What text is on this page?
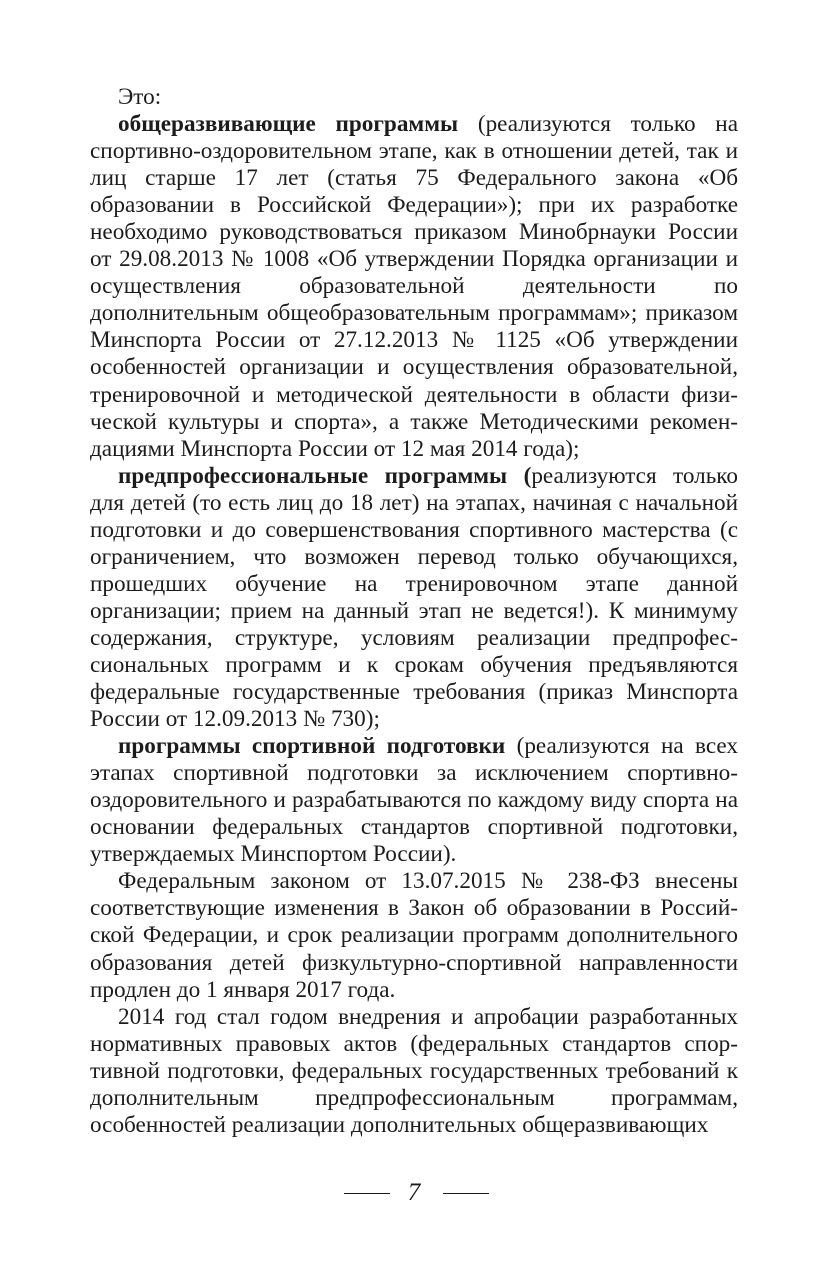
Это:

общеразвивающие программы (реализуются только на спортивно-оздоровительном этапе, как в отношении детей, так и лиц старше 17 лет (статья 75 Федерального закона «Об образовании в Российской Федерации»); при их разработке необходимо руководствоваться приказом Минобрнауки России от 29.08.2013 № 1008 «Об утверждении Порядка организации и осуществления образовательной деятельности по дополнительным общеобразовательным программам»; приказом Минспорта России от 27.12.2013 № 1125 «Об утверждении особенностей организации и осуществления образовательной, тренировочной и методической деятельности в области физической культуры и спорта», а также Методическими рекомендациями Минспорта России от 12 мая 2014 года);

предпрофессиональные программы (реализуются только для детей (то есть лиц до 18 лет) на этапах, начиная с начальной подготовки и до совершенствования спортивного мастерства (с ограничением, что возможен перевод только обучающихся, прошедших обучение на тренировочном этапе данной организации; прием на данный этап не ведется!). К минимуму содержания, структуре, условиям реализации предпрофессиональных программ и к срокам обучения предъявляются федеральные государственные требования (приказ Минспорта России от 12.09.2013 № 730);

программы спортивной подготовки (реализуются на всех этапах спортивной подготовки за исключением спортивно-оздоровительного и разрабатываются по каждому виду спорта на основании федеральных стандартов спортивной подготовки, утверждаемых Минспортом России).

Федеральным законом от 13.07.2015 № 238-ФЗ внесены соответствующие изменения в Закон об образовании в Российской Федерации, и срок реализации программ дополнительного образования детей физкультурно-спортивной направленности продлен до 1 января 2017 года.

2014 год стал годом внедрения и апробации разработанных нормативных правовых актов (федеральных стандартов спортивной подготовки, федеральных государственных требований к дополнительным предпрофессиональным программам, особенностей реализации дополнительных общеразвивающих

7
